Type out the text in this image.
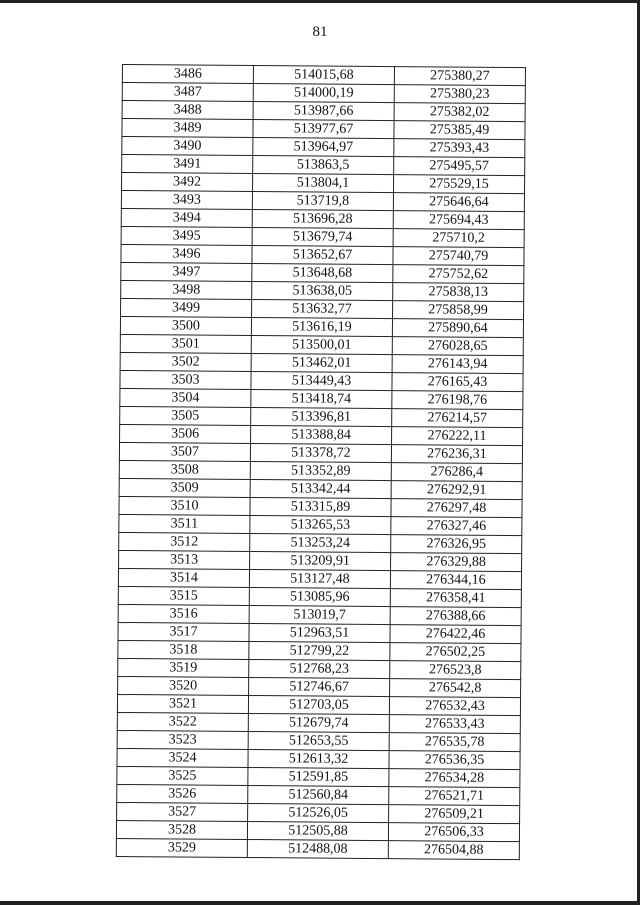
81
3486	514015,68	275380,27
3487	514000,19	275380,23
3488	513987,66	275382,02
3489	513977,67	275385,49
3490	513964,97	275393,43
3491	513863,5	275495,57
3492	513804,1	275529,15
3493	513719,8	275646,64
3494	513696,28	275694,43
3495	513679,74	275710,2
3496	513652,67	275740,79
3497	513648,68	275752,62
3498	513638,05	275838,13
3499	513632,77	275858,99
3500	513616,19	275890,64
3501	513500,01	276028,65
3502	513462,01	276143,94
3503	513449,43	276165,43
3504	513418,74	276198,76
3505	513396,81	276214,57
3506	513388,84	276222,11
3507	513378,72	276236,31
3508	513352,89	276286,4
3509	513342,44	276292,91
3510	513315,89	276297,48
3511	513265,53	276327,46
3512	513253,24	276326,95
3513	513209,91	276329,88
3514	513127,48	276344,16
3515	513085,96	276358,41
3516	513019,7	276388,66
3517	512963,51	276422,46
3518	512799,22	276502,25
3519	512768,23	276523,8
3520	512746,67	276542,8
3521	512703,05	276532,43
3522	512679,74	276533,43
3523	512653,55	276535,78
3524	512613,32	276536,35
3525	512591,85	276534,28
3526	512560,84	276521,71
3527	512526,05	276509,21
3528	512505,88	276506,33
3529	512488,08	276504,88
